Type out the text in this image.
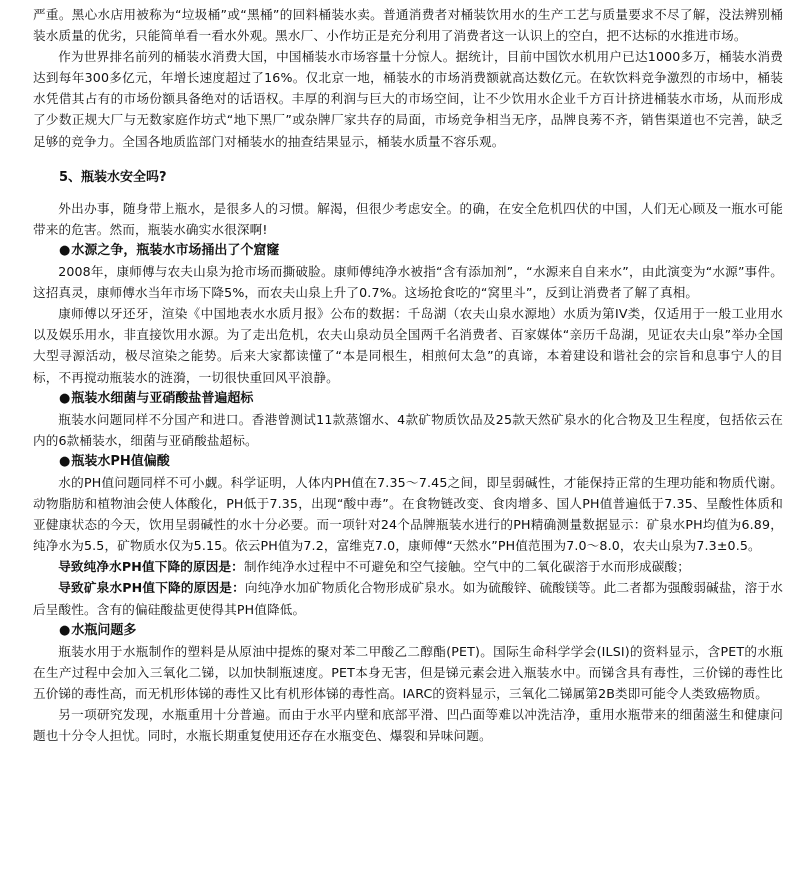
严重。黑心水店用被称为“垃圾桶”或“黑桶”的回料桶装水卖。普通消费者对桶装饮用水的生产工艺与质量要求不尽了解，没法辨别桶装水质量的优劣，只能简单看一看水外观。黑水厂、小作坊正是充分利用了消费者这一认识上的空白，把不达标的水推进市场。

作为世界排名前列的桶装水消费大国，中国桶装水市场容量十分惊人。据统计，目前中国饮水机用户已达1000多万，桶装水消费达到每年300多亿元，年增长速度超过了16%。仅北京一地，桶装水的市场消费额就高达数亿元。在软饮料竞争激烈的市场中，桶装水凭借其占有的市场份额具备绝对的话语权。丰厚的利润与巨大的市场空间，让不少饮用水企业千方百计挤进桶装水市场，从而形成了少数正规大厂与无数家庭作坊式“地下黑厂”或杂牌厂家共存的局面，市场竞争相当无序，品牌良莠不齐，销售渠道也不完善，缺乏足够的竞争力。全国各地质监部门对桶装水的抽查结果显示，桶装水质量不容乐观。

5、瓶装水安全吗?

外出办事，随身带上瓶水，是很多人的习惯。解渴，但很少考虑安全。的确，在安全危机四伏的中国，人们无心顾及一瓶水可能带来的危害。然而，瓶装水确实水很深啊!

●水源之争，瓶装水市场捅出了个窟窿

2008年，康师傅与农夫山泉为抢市场而撕破脸。康师傅纯净水被指“含有添加剂”，“水源来自自来水”，由此演变为“水源”事件。这招真灵，康师傅水当年市场下降5%，而农夫山泉上升了0.7%。这场抢食吃的“窝里斗”，反到让消费者了解了真相。

康师傅以牙还牙，渲染《中国地表水水质月报》公布的数据：千岛湖（农夫山泉水源地）水质为第IV类，仅适用于一般工业用水以及娱乐用水，非直接饮用水源。为了走出危机，农夫山泉动员全国两千名消费者、百家媒体“亲历千岛湖，见证农夫山泉”举办全国大型寻源活动，极尽渲染之能势。后来大家都读懂了“本是同根生，相煎何太急”的真谛，本着建设和谐社会的宗旨和息事宁人的目标，不再搅动瓶装水的涟漪，一切很快重回风平浪静。

●瓶装水细菌与亚硝酸盐普遍超标

瓶装水问题同样不分国产和进口。香港曾测试11款蒸馏水、4款矿物质饮品及25款天然矿泉水的化合物及卫生程度，包括依云在内的6款桶装水，细菌与亚硝酸盐超标。

●瓶装水PH值偏酸

水的PH值问题同样不可小觑。科学证明，人体内PH值在7.35～7.45之间，即呈弱碱性，才能保持正常的生理功能和物质代谢。动物脂肪和植物油会使人体酸化，PH低于7.35，出现“酸中毒”。在食物链改变、食肉增多、国人PH值普遍低于7.35、呈酸性体质和亚健康状态的今天，饮用呈弱碱性的水十分必要。而一项针对24个品牌瓶装水进行的PH精确测量数据显示：矿泉水PH均值为6.89，纯净水为5.5，矿物质水仅为5.15。依云PH值为7.2，富维克7.0，康师傅“天然水”PH值范围为7.0～8.0，农夫山泉为7.3±0.5。

导致纯净水PH值下降的原因是：制作纯净水过程中不可避免和空气接触。空气中的二氧化碳溶于水而形成碳酸；

导致矿泉水PH值下降的原因是：向纯净水加矿物质化合物形成矿泉水。如为硫酸锌、硫酸镁等。此二者都为强酸弱碱盐，溶于水后呈酸性。含有的偏硅酸盐更使得其PH值降低。

●水瓶问题多

瓶装水用于水瓶制作的塑料是从原油中提炼的聚对苯二甲酸乙二醇酯(PET)。国际生命科学学会(ILSI)的资料显示，含PET的水瓶在生产过程中会加入三氧化二锑，以加快制瓶速度。PET本身无害，但是锑元素会进入瓶装水中。而锑含具有毒性，三价锑的毒性比五价锑的毒性高，而无机形体锑的毒性又比有机形体锑的毒性高。IARC的资料显示，三氧化二锑属第2B类即可能令人类致癌物质。

另一项研究发现，水瓶重用十分普遍。而由于水平内壁和底部平滑、凹凸面等难以冲洗洁净，重用水瓶带来的细菌滋生和健康问题也十分令人担忧。同时，水瓶长期重复使用还存在水瓶变色、爆裂和异味问题。
